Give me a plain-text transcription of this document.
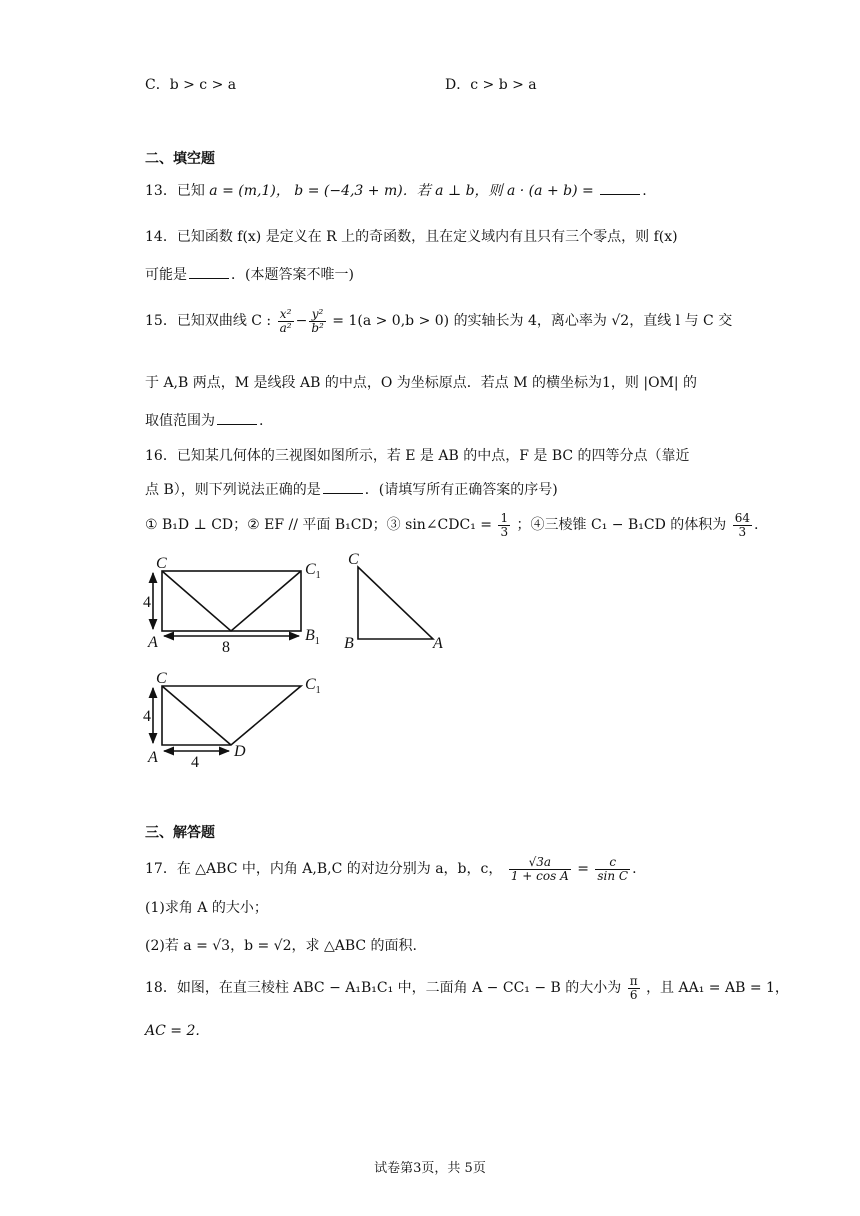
C．b > c > a	D．c > b > a
二、填空题
13．已知 a = (m,1)， b = (−4,3 + m)．若 a ⊥ b，则 a · (a + b) =	.
14．已知函数 f(x) 是定义在 R 上的奇函数，且在定义域内有且只有三个零点，则 f(x)
可能是	．(本题答案不唯一)
15．已知双曲线 C : $\frac{\text{x²}}{\text{a²}} - \frac{\text{y²}}{\text{b²}} = 1(a > 0,b > 0)$ 的实轴长为 4，离心率为 √2，直线 l 与 C 交
于 A,B 两点，M 是线段 AB 的中点，O 为坐标原点．若点 M 的横坐标为1，则 |OM| 的
取值范围为	.
16．已知某几何体的三视图如图所示，若 E 是 AB 的中点，F 是 BC 的四等分点（靠近
点 B），则下列说法正确的是	．(请填写所有正确答案的序号)
① B₁D ⊥ CD；② EF // 平面 B₁CD；③ sin∠CDC₁ = $\frac{1}{3}$ ；④三棱锥 C₁ − B₁CD 的体积为 $\frac{64}{3}$ .
C	$C_1$
A	$B_1$
4
8
C
B	A
C	$C_1$
A	D
4
4
三、解答题
17．在 △ABC 中，内角 A,B,C 的对边分别为 a，b，c， $\frac{√3a}{\text{1 + cos A}} = \frac{c}{\text{sin C}}$ .
(1)求角 A 的大小；
(2)若 a = √3，b = √2，求 △ABC 的面积.
18．如图，在直三棱柱 ABC − A₁B₁C₁ 中，二面角 A − CC₁ − B 的大小为 $\frac{\pi}{6}$ ，且 AA₁ = AB = 1，
AC = 2.
试卷第3页，共 5页
